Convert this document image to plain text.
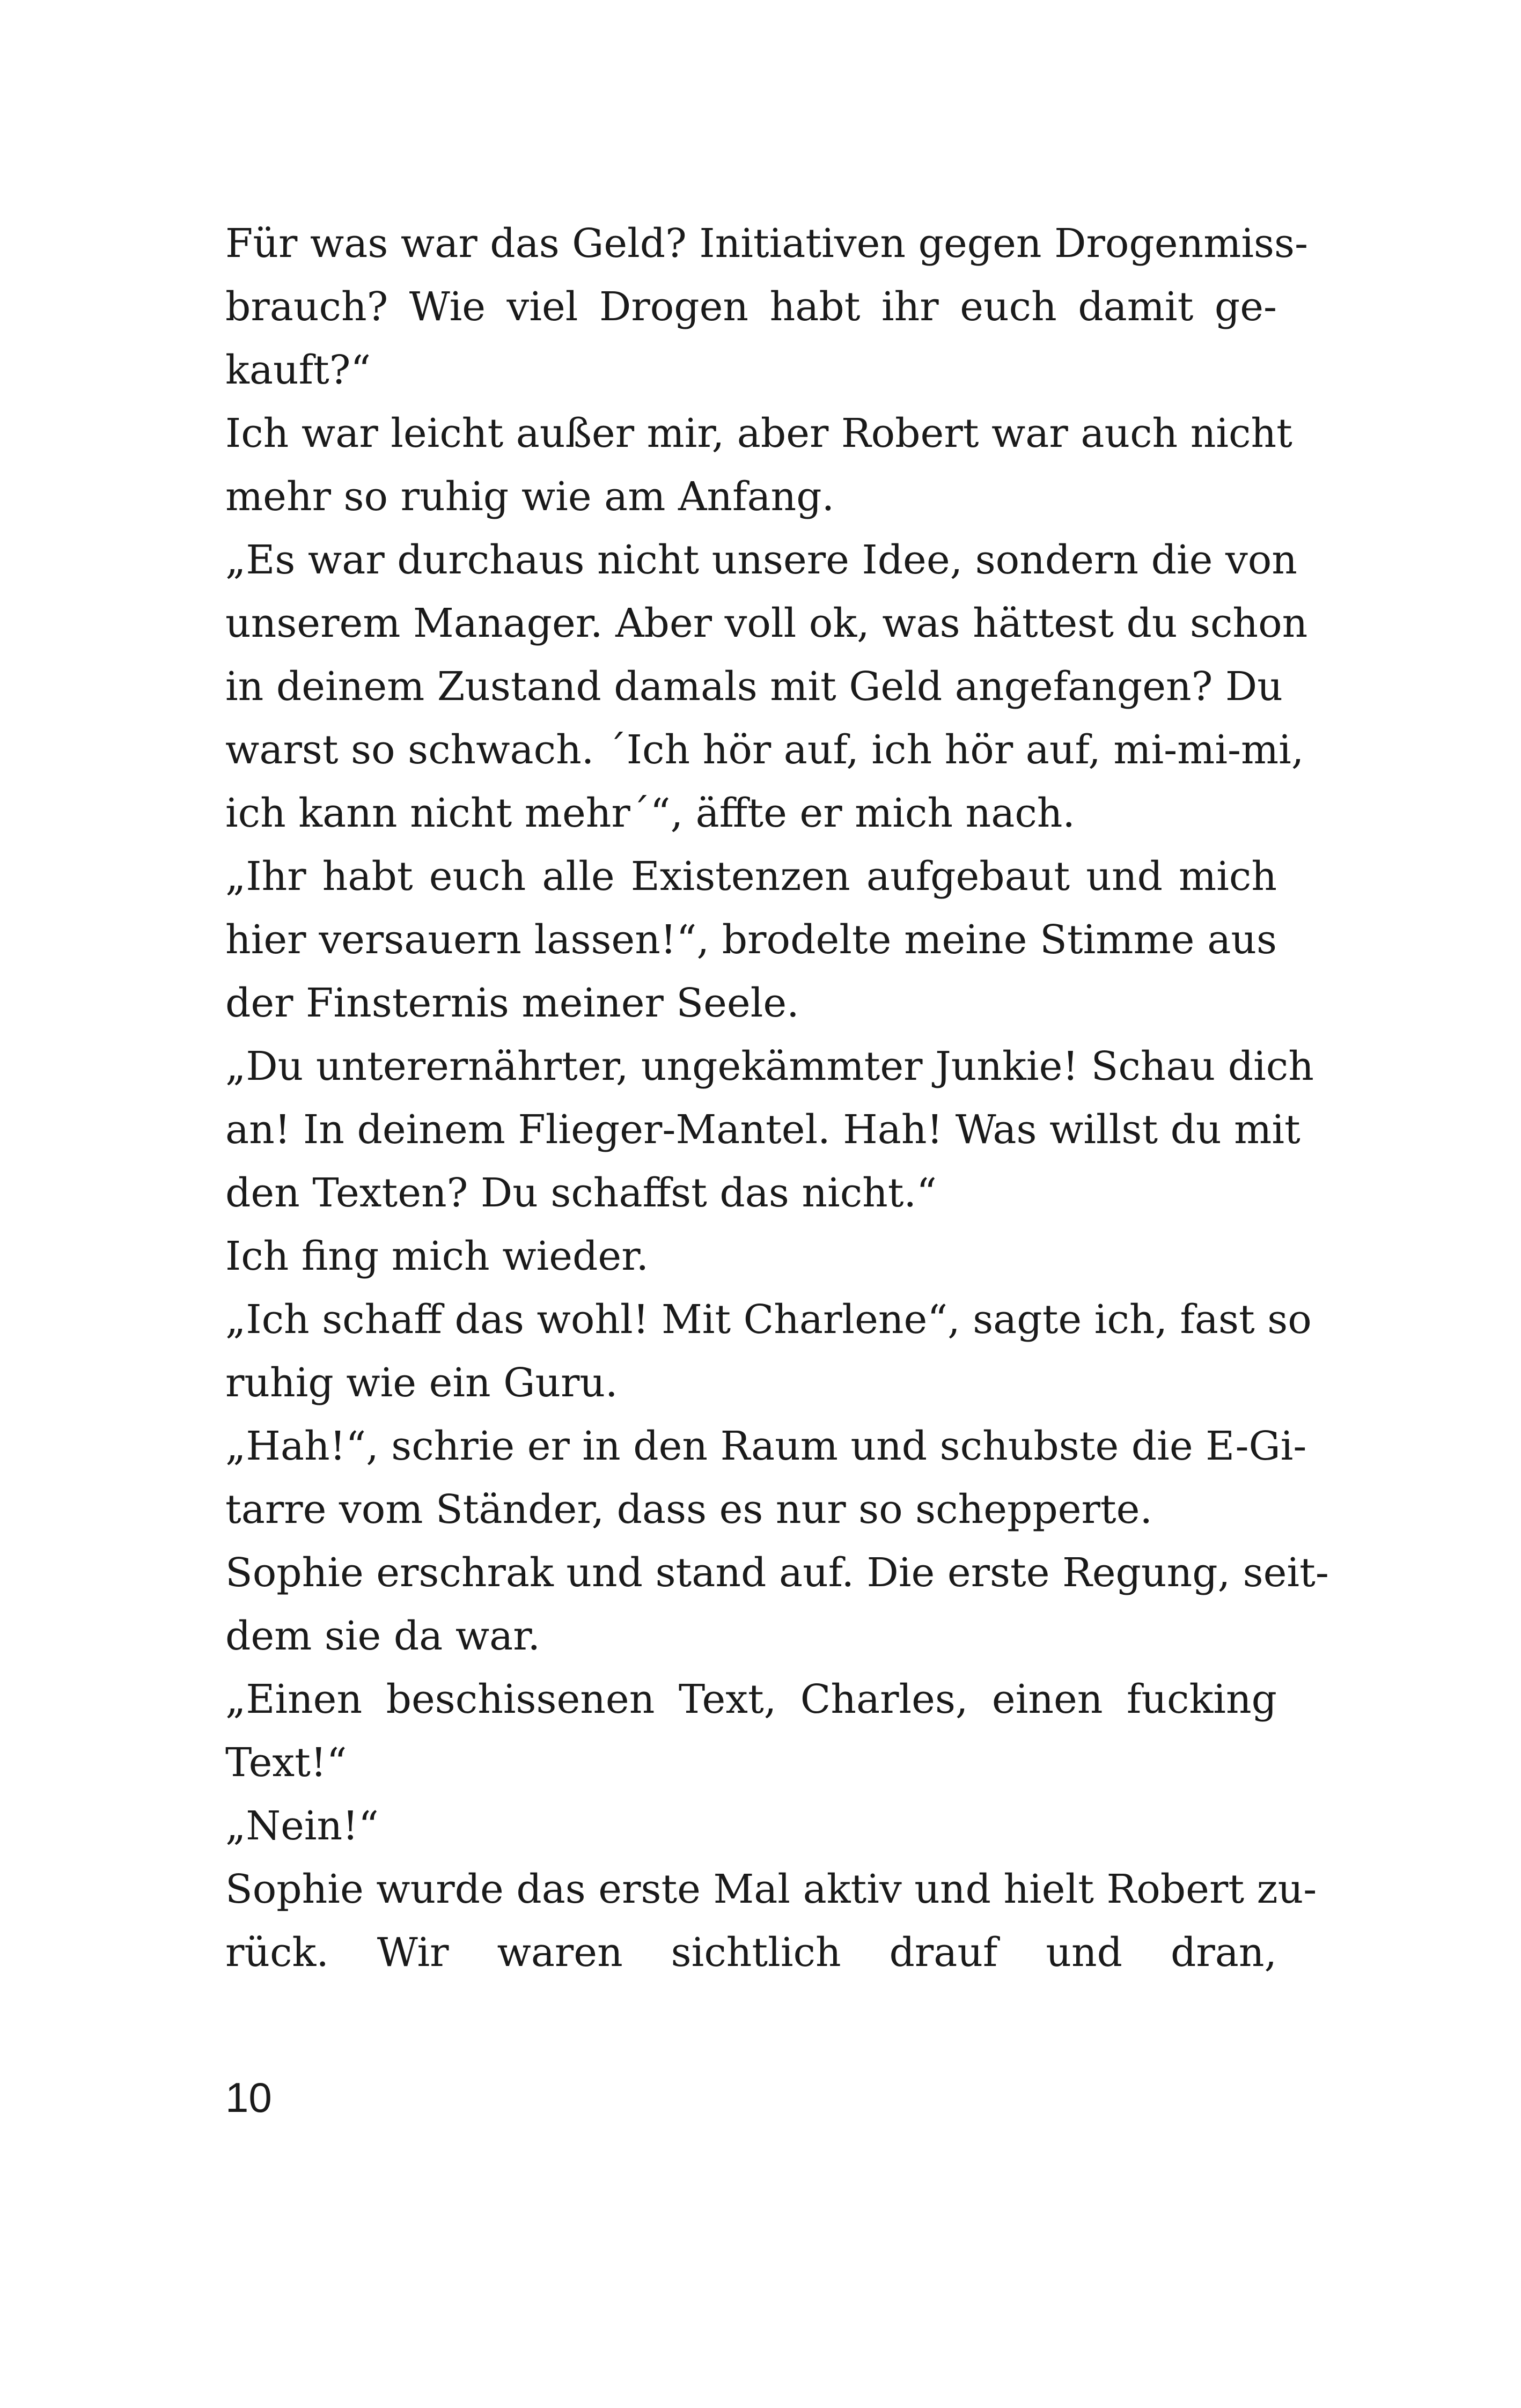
Für was war das Geld? Initiativen gegen Drogenmiss-
brauch? Wie viel Drogen habt ihr euch damit ge-
kauft?“
Ich war leicht außer mir, aber Robert war auch nicht
mehr so ruhig wie am Anfang.
„Es war durchaus nicht unsere Idee, sondern die von
unserem Manager. Aber voll ok, was hättest du schon
in deinem Zustand damals mit Geld angefangen? Du
warst so schwach. ´Ich hör auf, ich hör auf, mi-mi-mi,
ich kann nicht mehr´“, äffte er mich nach.
„Ihr habt euch alle Existenzen aufgebaut und mich
hier versauern lassen!“, brodelte meine Stimme aus
der Finsternis meiner Seele.
„Du unterernährter, ungekämmter Junkie! Schau dich
an! In deinem Flieger-Mantel. Hah! Was willst du mit
den Texten? Du schaffst das nicht.“
Ich fing mich wieder.
„Ich schaff das wohl! Mit Charlene“, sagte ich, fast so
ruhig wie ein Guru.
„Hah!“, schrie er in den Raum und schubste die E-Gi-
tarre vom Ständer, dass es nur so schepperte.
Sophie erschrak und stand auf. Die erste Regung, seit-
dem sie da war.
„Einen beschissenen Text, Charles, einen fucking
Text!“
„Nein!“
Sophie wurde das erste Mal aktiv und hielt Robert zu-
rück. Wir waren sichtlich drauf und dran,
10
